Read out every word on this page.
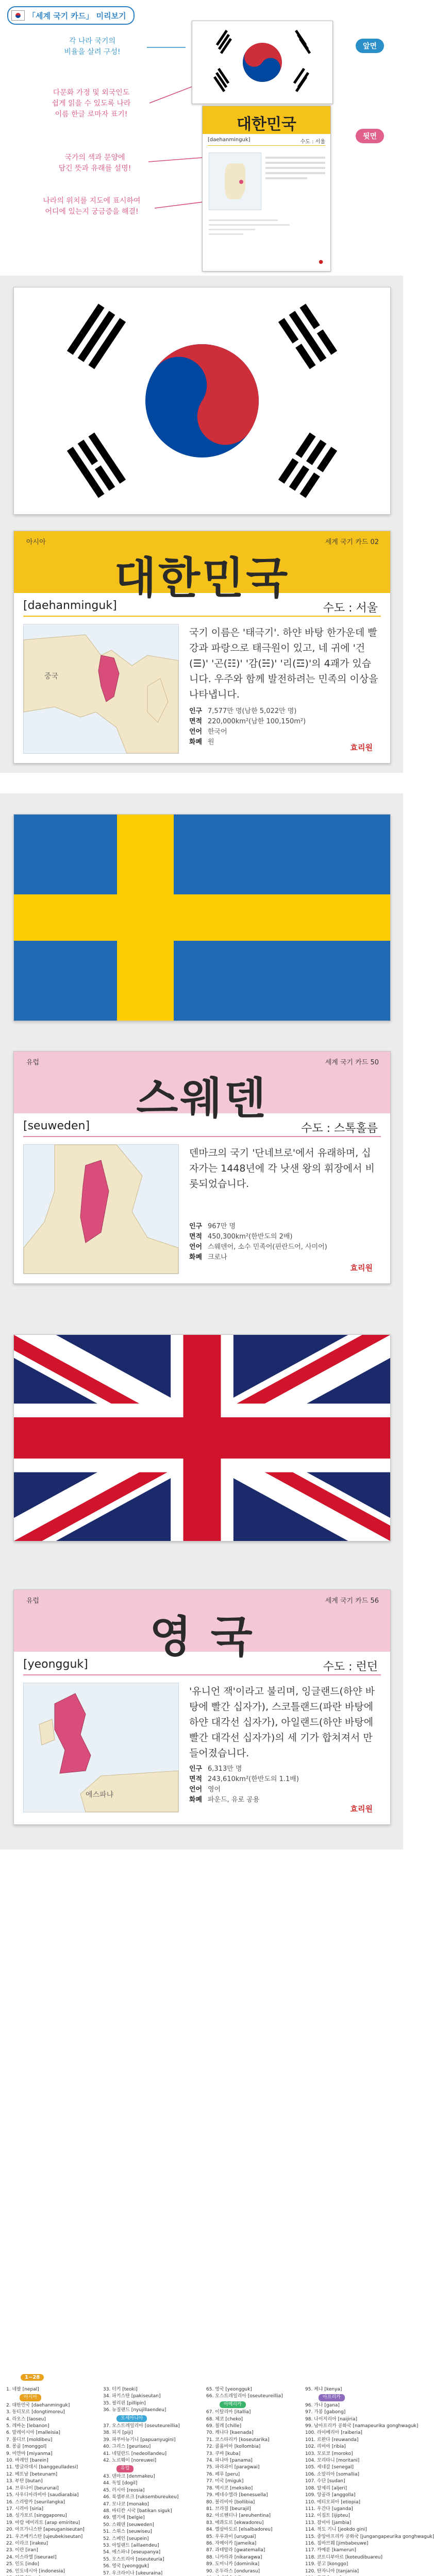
「세계 국기 카드」 미리보기
각 나라 국기의
비율을 살려 구성!
다문화 가정 및 외국인도
쉽게 읽을 수 있도록 나라
이름 한글 로마자 표기!
국가의 색과 문양에
담긴 뜻과 유래를 설명!
나라의 위치를 지도에 표시하여
어디에 있는지 궁금증을 해결!
앞면
대한민국
[daehanminguk]	수도 : 서울
●
뒷면
아시아	세계 국기 카드 02
대한민국
[daehanminguk]	수도 : 서울
중국
국기 이름은 '태극기'. 하얀 바탕 한가운데 빨강과 파랑으로 태극원이 있고, 네 귀에 '건(☰)' '곤(☷)' '감(☵)' '리(☲)'의 4괘가 있습니다. 우주와 함께 발전하려는 민족의 이상을 나타냅니다.
인구 7,577만 명(남한 5,022만 명)
면적 220,000km²(남한 100,150m²)
언어 한국어
화폐 원
효리원
유럽	세계 국기 카드 50
스웨덴
[seuweden]	수도 : 스톡홀름
덴마크의 국기 '단네브로'에서 유래하며, 십자가는 1448년에 각 낫샌 왕의 휘장에서 비롯되었습니다.
인구 967만 명
면적 450,300km²(한반도의 2배)
언어 스웨덴어, 소수 민족어(핀란드어, 사미어)
화폐 크로나
효리원
유럽	세계 국기 카드 56
영 국
[yeongguk]	수도 : 런던
에스파냐
'유니언 잭'이라고 불리며, 잉글랜드(하얀 바탕에 빨간 십자가), 스코틀랜드(파란 바탕에 하얀 대각선 십자가), 아일랜드(하얀 바탕에 빨간 대각선 십자가)의 세 기가 합쳐져서 만들어졌습니다.
인구 6,313만 명
면적 243,610km²(한반도의 1.1배)
언어 영어
화폐 파운드, 유로 공용
효리원
1~28
1. 네팔 [nepal]
아시아
2. 대한민국 [daehanminguk]
3. 동티모르 [dongtimoreu]
4. 라오스 [laoseu]
5. 레바논 [lebanon]
6. 말레이시아 [malleisia]
7. 몰디브 [moldibeu]
8. 몽골 [monggol]
9. 미얀마 [miyanma]
10. 바레인 [barein]
11. 방글라데시 [banggeulladesi]
12. 베트남 [beteunam]
13. 부탄 [butan]
14. 브루나이 [beurunai]
15. 사우디아라비아 [saudiarabia]
16. 스리랑카 [seurilangka]
17. 시리아 [siria]
18. 싱가포르 [singgaporeu]
19. 아랍 에미리트 [arap emiriteu]
20. 아프가니스탄 [apeuganiseutan]
21. 우즈베키스탄 [ujeubekiseutan]
22. 이라크 [irakeu]
23. 이란 [iran]
24. 이스라엘 [iseurael]
25. 인도 [indo]
26. 인도네시아 [indonesia]
33. 터키 [teoki]
34. 파키스탄 [pakiseutan]
35. 필리핀 [pillipin]
36. 뉴질랜드 [nyujillaendeu]
오세아니아
37. 오스트레일리아 [oseuteureillia]
38. 피지 [piji]
39. 파푸아뉴기니 [papuanyugini]
40. 그리스 [geuriseu]
41. 네덜란드 [nedeollandeu]
42. 노르웨이 [noreuwei]
유럽
43. 덴마크 [denmakeu]
44. 독일 [dogil]
45. 러시아 [reosia]
46. 룩셈부르크 [ruksembureukeu]
47. 모나코 [monako]
48. 바티칸 시국 [batikan siguk]
49. 벨기에 [belgie]
50. 스웨덴 [seuweden]
51. 스위스 [seuwiseu]
52. 스페인 [seupein]
53. 아일랜드 [aillaendeu]
54. 에스파냐 [eseupanya]
55. 오스트리아 [oseuteuria]
56. 영국 [yeongguk]
57. 우크라이나 [ukeuraina]
65. 영국 [yeongguk]
66. 오스트레일리아 [oseuteureillia]
아메리카
67. 이탈리아 [itallia]
68. 체코 [cheko]
69. 칠레 [chille]
70. 캐나다 [kaenada]
71. 코스타리카 [koseutarika]
72. 콜롬비아 [kollombia]
73. 쿠바 [kuba]
74. 파나마 [panama]
75. 파라과이 [paragwai]
76. 페루 [peru]
77. 미국 [miguk]
78. 멕시코 [meksiko]
79. 베네수엘라 [benesuella]
80. 볼리비아 [bollibia]
81. 브라질 [beurajil]
82. 아르헨티나 [areuhentina]
83. 에콰도르 [ekwadoreu]
84. 엘살바도르 [elsalbadoreu]
85. 우루과이 [uruguai]
86. 자메이카 [jameika]
87. 과테말라 [gwatemalla]
88. 니카라과 [nikaragwa]
89. 도미니카 [dominika]
90. 온두라스 [ondurasu]
95. 케냐 [kenya]
아프리카
96. 가나 [gana]
97. 가봉 [gabong]
98. 나이지리아 [naijiria]
99. 남아프리카 공화국 [namapeurika gonghwaguk]
100. 라이베리아 [raiberia]
101. 르완다 [reuwanda]
102. 리비아 [ribia]
103. 모로코 [moroko]
104. 모리타니 [moritani]
105. 세네갈 [senegal]
106. 소말리아 [somallia]
107. 수단 [sudan]
108. 알제리 [aljeri]
109. 앙골라 [anggolla]
110. 에티오피아 [etiopia]
111. 우간다 [uganda]
112. 이집트 [ijipteu]
113. 잠비아 [jambia]
114. 적도 기니 [jeokdo gini]
115. 중앙아프리카 공화국 [jungangapeurika gonghwaguk]
116. 짐바브웨 [jimbabeuwe]
117. 카메룬 [kamerun]
118. 코트디부아르 [koteudibuareu]
119. 콩고 [konggo]
120. 탄자니아 [tanjania]
